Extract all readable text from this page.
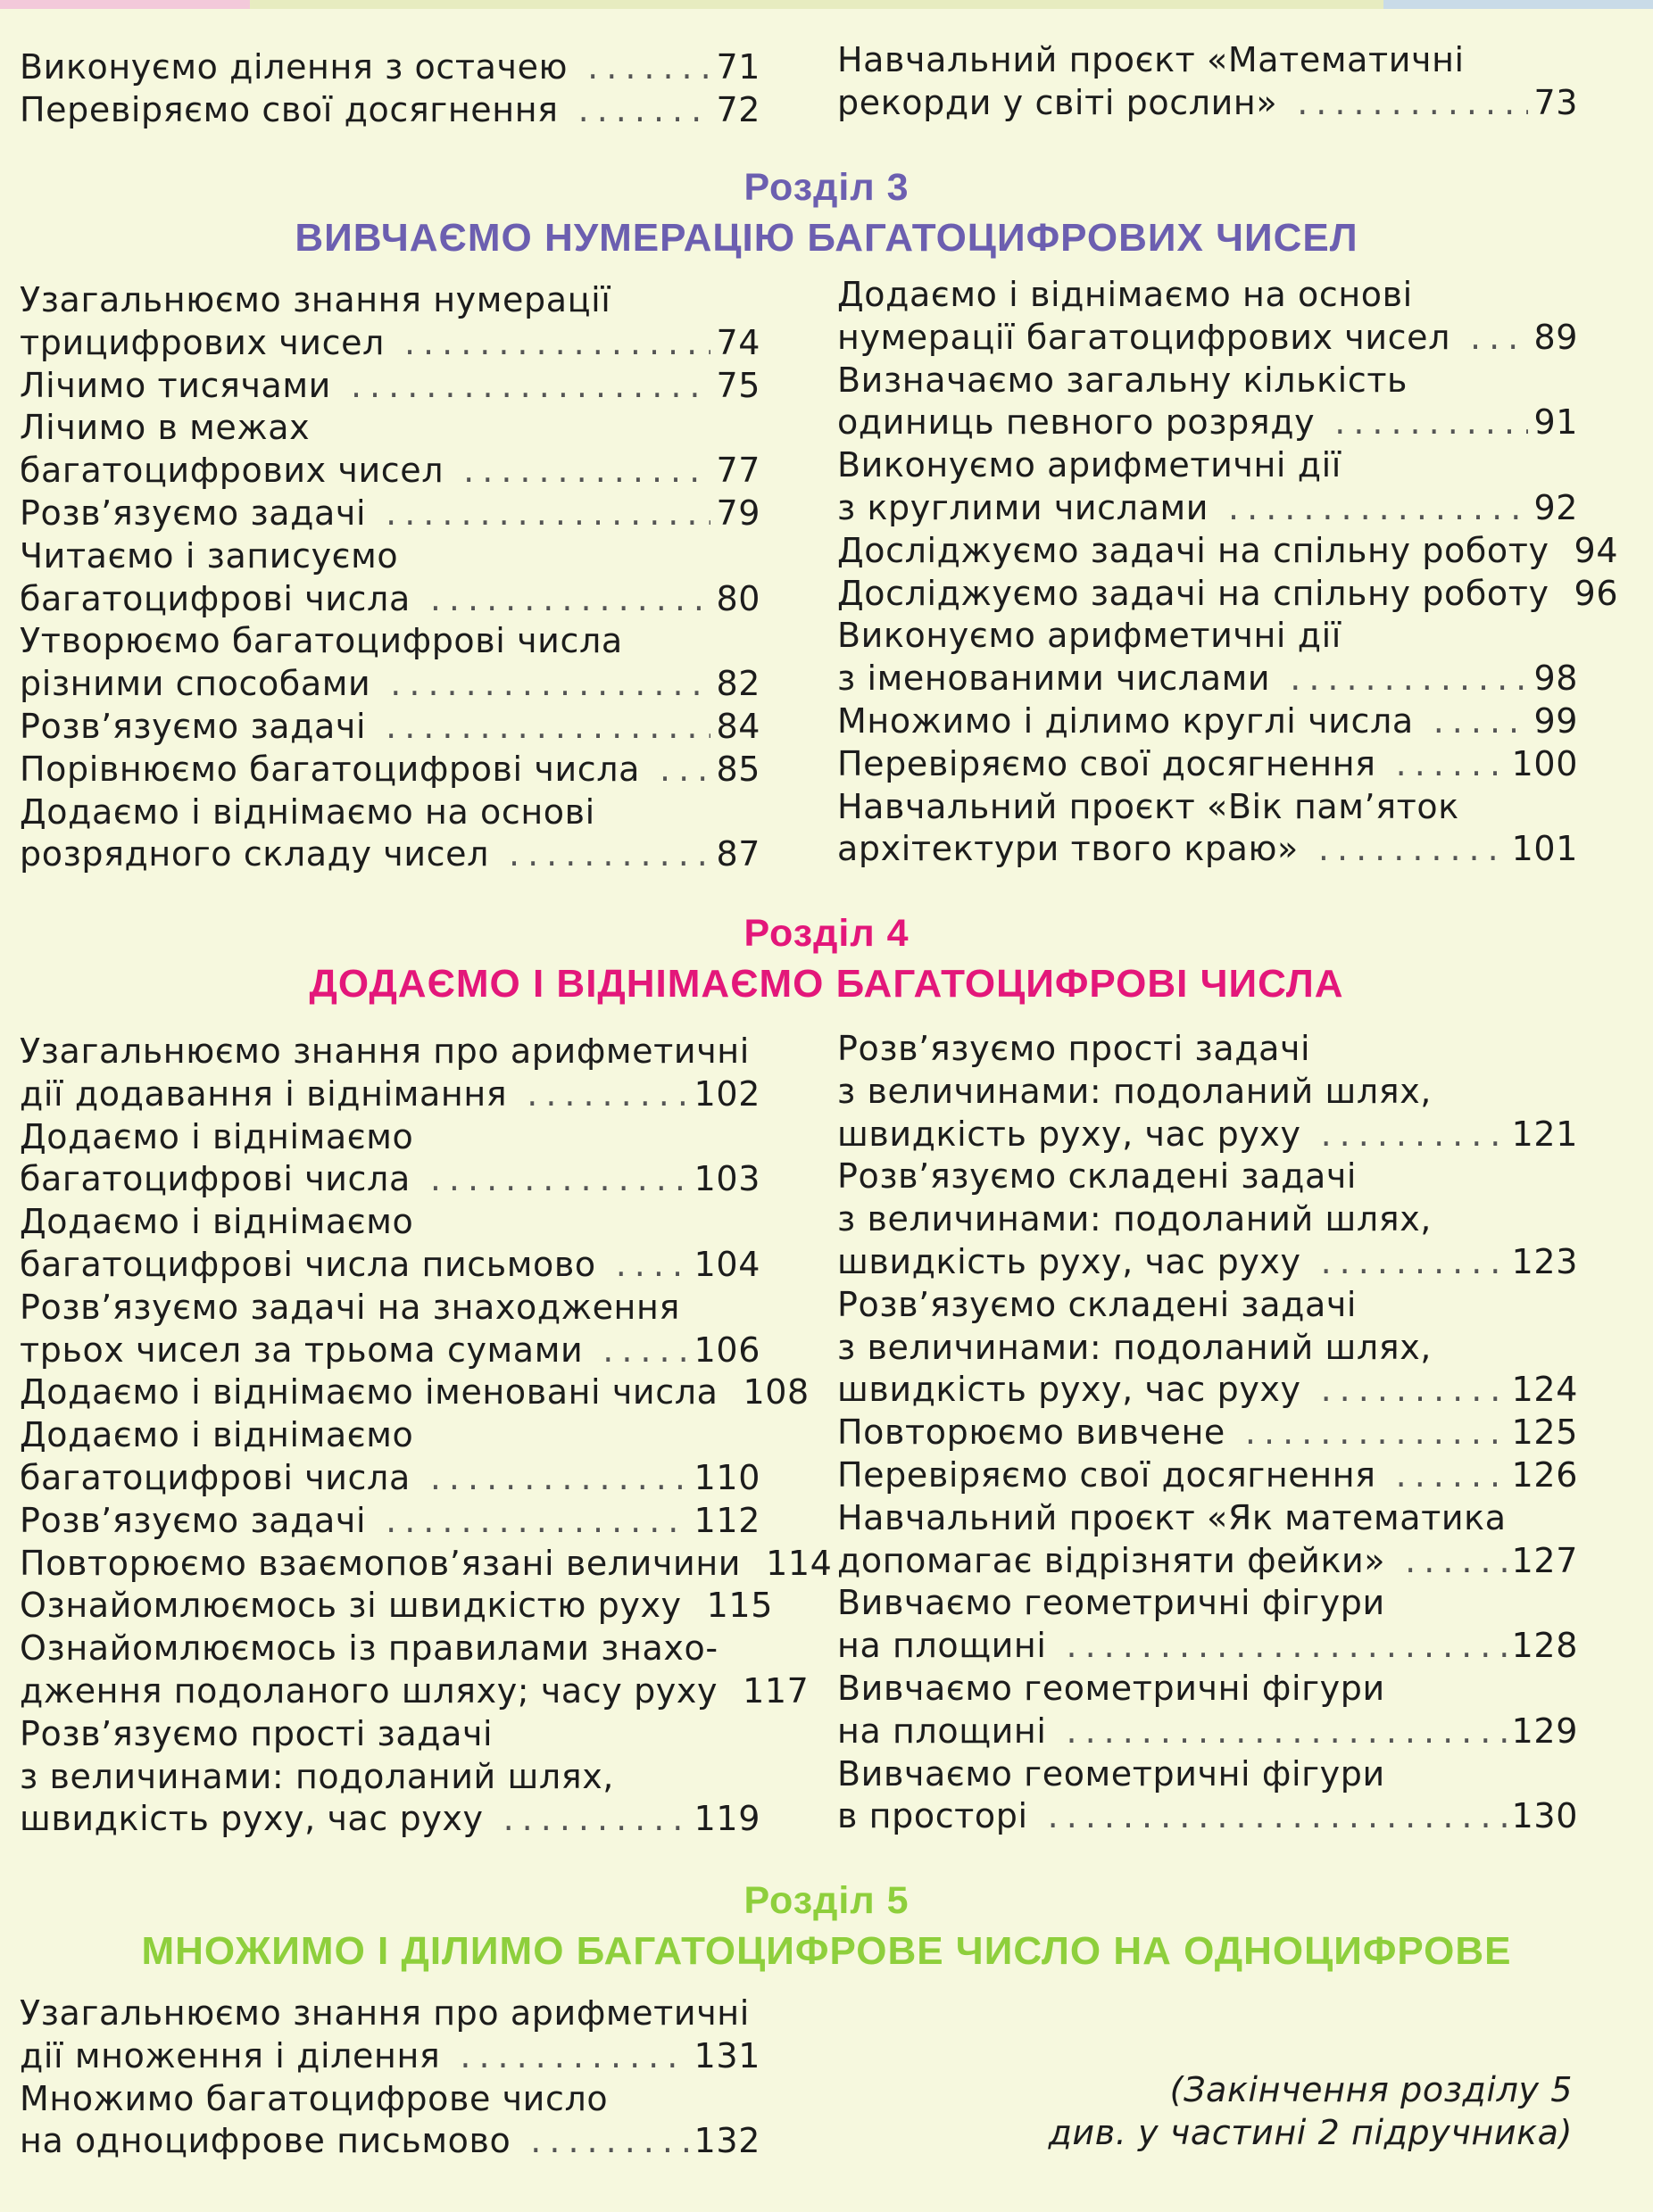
Виконуємо ділення з остачею .....	71
Перевіряємо свої досягнення .....	72
Навчальний проєкт «Математичні
рекорди у світі рослин» .....	73

Розділ 3

ВИВЧАЄМО НУМЕРАЦІЮ БАГАТОЦИФРОВИХ ЧИСЕЛ

Узагальнюємо знання нумерації
трицифрових чисел .....	74
Лічимо тисячами .....	75
Лічимо в межах
багатоцифрових чисел .....	77
Розв’язуємо задачі .....	79
Читаємо і записуємо
багатоцифрові числа .....	80
Утворюємо багатоцифрові числа
різними способами .....	82
Розв’язуємо задачі .....	84
Порівнюємо багатоцифрові числа ..... 85
Додаємо і віднімаємо на основі
розрядного складу чисел .....	87
Додаємо і віднімаємо на основі
нумерації багатоцифрових чисел ..... 89
Визначаємо загальну кількість
одиниць певного розряду .....	91
Виконуємо арифметичні дії
з круглими числами .....	92
Досліджуємо задачі на спільну роботу 94
Досліджуємо задачі на спільну роботу 96
Виконуємо арифметичні дії
з іменованими числами .....	98
Множимо і ділимо круглі числа .....	99
Перевіряємо свої досягнення .....	100
Навчальний проєкт «Вік пам’яток
архітектури твого краю» .....	101

Розділ 4

ДОДАЄМО І ВІДНІМАЄМО БАГАТОЦИФРОВІ ЧИСЛА

Узагальнюємо знання про арифметичні
дії додавання і віднімання .....	102
Додаємо і віднімаємо
багатоцифрові числа .....	103
Додаємо і віднімаємо
багатоцифрові числа письмово .....	104
Розв’язуємо задачі на знаходження
трьох чисел за трьома сумами .....	106
Додаємо і віднімаємо іменовані числа 108
Додаємо і віднімаємо
багатоцифрові числа .....	110
Розв’язуємо задачі .....	112
Повторюємо взаємопов’язані величини 114
Ознайомлюємось зі швидкістю руху 115
Ознайомлюємось із правилами знахо-
дження подоланого шляху; часу руху 117
Розв’язуємо прості задачі
з величинами: подоланий шлях,
швидкість руху, час руху .....	119
Розв’язуємо прості задачі
з величинами: подоланий шлях,
швидкість руху, час руху .....	121
Розв’язуємо складені задачі
з величинами: подоланий шлях,
швидкість руху, час руху .....	123
Розв’язуємо складені задачі
з величинами: подоланий шлях,
швидкість руху, час руху .....	124
Повторюємо вивчене .....	125
Перевіряємо свої досягнення .....	126
Навчальний проєкт «Як математика
допомагає відрізняти фейки» .....	127
Вивчаємо геометричні фігури
на площині .....	128
Вивчаємо геометричні фігури
на площині .....	129
Вивчаємо геометричні фігури
в просторі .....	130

Розділ 5

МНОЖИМО І ДІЛИМО БАГАТОЦИФРОВЕ ЧИСЛО НА ОДНОЦИФРОВЕ

Узагальнюємо знання про арифметичні
дії множення і ділення .....	131
Множимо багатоцифрове число
на одноцифрове письмово .....	132
(Закінчення розділу 5
див. у частині 2 підручника)
